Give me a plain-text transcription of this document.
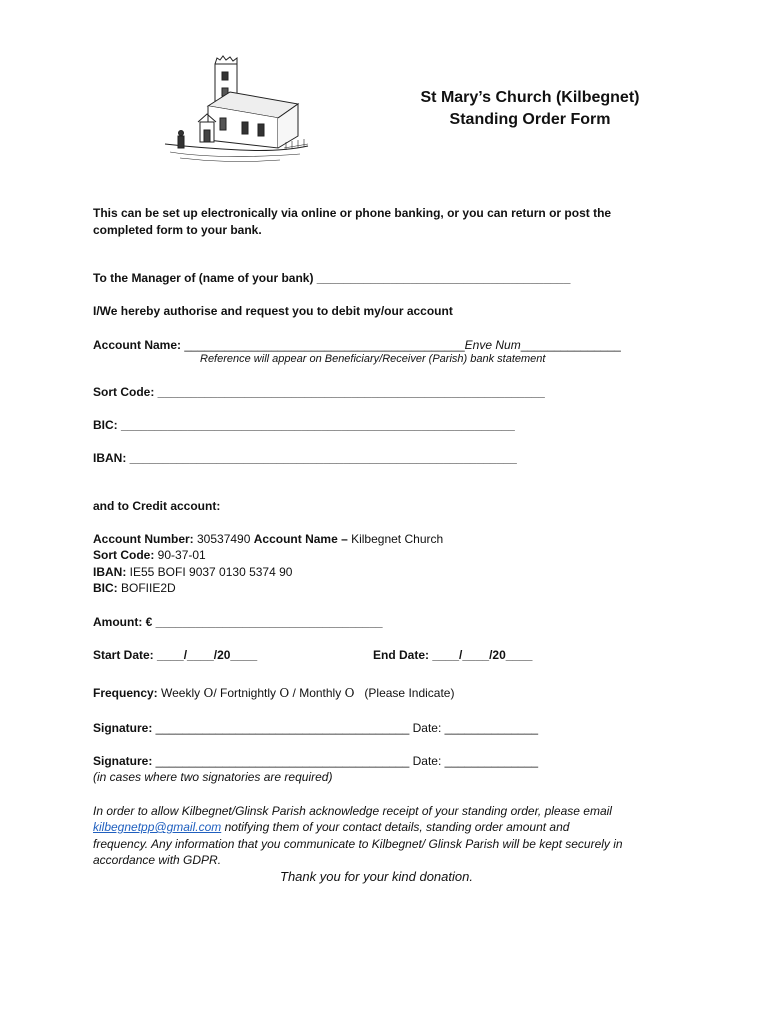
St Mary’s Church (Kilbegnet)
Standing Order Form
This can be set up electronically via online or phone banking, or you can return or post the
completed form to your bank.
To the Manager of (name of your bank) ______________________________________
I/We hereby authorise and request you to debit my/our account
Account Name: __________________________________________Enve Num_______________
Reference will appear on Beneficiary/Receiver (Parish) bank statement
Sort Code: __________________________________________________________
BIC: ___________________________________________________________
IBAN: __________________________________________________________
and to Credit account:
Account Number: 30537490 Account Name – Kilbegnet Church
Sort Code: 90-37-01
IBAN: IE55 BOFI 9037 0130 5374 90
BIC: BOFIIE2D
Amount: € __________________________________
Start Date: ____/____/20____	End Date: ____/____/20____
Frequency: Weekly O/ Fortnightly O / Monthly O (Please Indicate)
Signature: ______________________________________ Date: ______________
Signature: ______________________________________ Date: ______________
(in cases where two signatories are required)
In order to allow Kilbegnet/Glinsk Parish acknowledge receipt of your standing order, please email
kilbegnetpp@gmail.com notifying them of your contact details, standing order amount and
frequency. Any information that you communicate to Kilbegnet/ Glinsk Parish will be kept securely in
accordance with GDPR.
Thank you for your kind donation.
